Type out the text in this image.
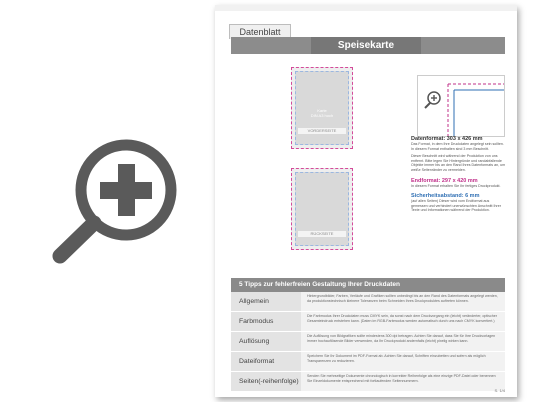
Datenblatt
Speisekarte
Karte
DIN A3 hoch
VORDERSEITE
RÜCKSEITE
Datenformat: 303 x 426 mm
Das Format, in dem Ihre Druckdaten angelegt sein sollten. In diesem Format enthalten sind 3 mm Beschnitt.
Dieser Beschnitt wird während der Produktion von uns entfernt. Bitte legen Sie Hintergründe und randabfallende Objekte immer bis an den Rand Ihres Datenformats an, um weiße Seitenränder zu vermeiden.
Endformat: 297 x 420 mm
In diesem Format erhalten Sie Ihr fertiges Druckprodukt.
Sicherheitsabstand: 6 mm
(auf allen Seiten) Dieser wird vom Endformat aus gemessen und verhindert unerwünschten Anschnitt Ihrer Texte und Informationen während der Produktion.
5 Tipps zur fehlerfreien Gestaltung Ihrer Druckdaten
Allgemein
Hintergrundbilder, Farben, Verläufe und Grafiken sollten unbedingt bis an den Rand des Datenformats angelegt werden, da produktionstechnisch kleinere Toleranzen beim Schneiden Ihres Druckproduktes auftreten können.
Farbmodus
Die Farbmodus Ihrer Druckdaten muss CMYK sein, da sonst nach dem Druckvorgang ein (leicht) veränderter, optischer Gesamteindruck entstehen kann. (Daten im RGB-Farbmodus werden automatisch durch uns nach CMYK konvertiert.)
Auflösung
Die Auflösung von Bildgrafiken sollte mindestens 300 dpi betragen. Achten Sie darauf, dass Sie für Ihre Druckvorlagen immer hochauflösende Bilder verwenden, da Ihr Druckprodukt andernfalls (leicht) pixelig wirken kann.
Dateiformat
Speichern Sie Ihr Dokument im PDF-Format ab. Achten Sie darauf, Schriften einzubetten und sofern als möglich Transparenzen zu reduzieren.
Seiten(-reihenfolge)
Senden Sie mehrseitige Dokumente chronologisch in korrekter Reihenfolge als eine einzige PDF-Datei oder benennen Sie Einzeldokumente entsprechend mit fortlaufenden Seitennummern.
S. 1/4
